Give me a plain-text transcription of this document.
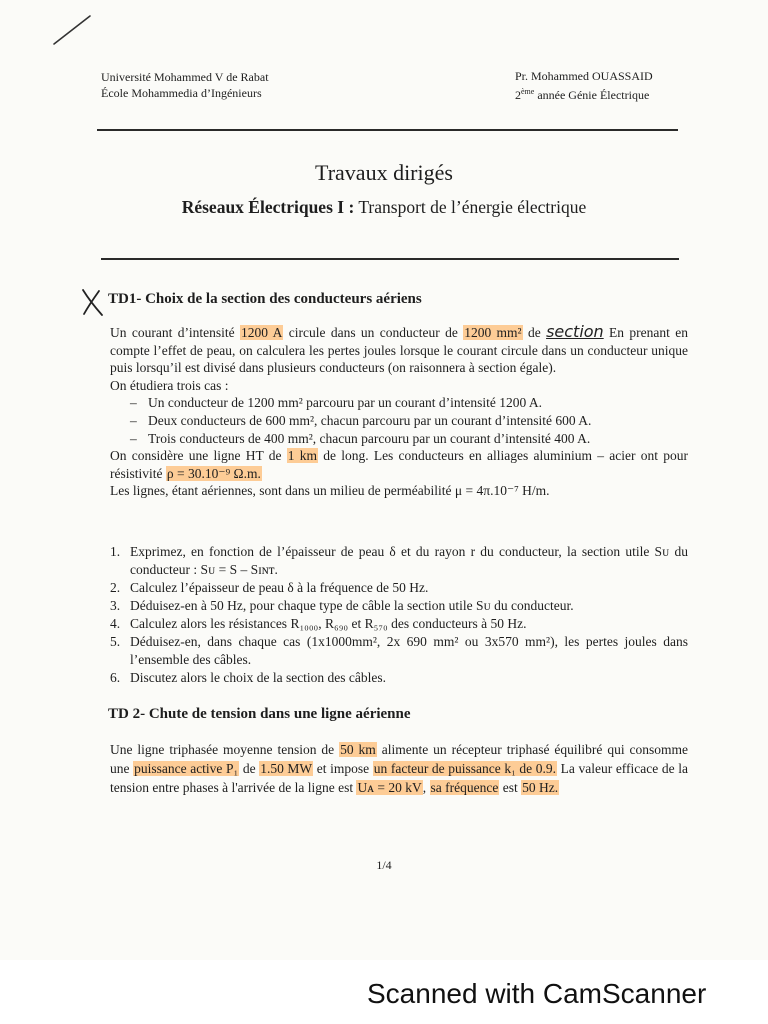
Université Mohammed V de Rabat
École Mohammedia d’Ingénieurs
Pr. Mohammed OUASSAID
2ème année Génie Électrique
Travaux dirigés
Réseaux Électriques I : Transport de l’énergie électrique
TD1- Choix de la section des conducteurs aériens

Un courant d’intensité 1200 A circule dans un conducteur de 1200 mm² de section En prenant en compte l’effet de peau, on calculera les pertes joules lorsque le courant circule dans un conducteur unique puis lorsqu’il est divisé dans plusieurs conducteurs (on raisonnera à section égale).

On étudiera trois cas :

– Un conducteur de 1200 mm² parcouru par un courant d’intensité 1200 A.
– Deux conducteurs de 600 mm², chacun parcouru par un courant d’intensité 600 A.
– Trois conducteurs de 400 mm², chacun parcouru par un courant d’intensité 400 A.

On considère une ligne HT de 1 km de long. Les conducteurs en alliages aluminium – acier ont pour résistivité ρ = 30.10⁻⁹ Ω.m.

Les lignes, étant aériennes, sont dans un milieu de perméabilité μ = 4π.10⁻⁷ H/m.

1. Exprimez, en fonction de l’épaisseur de peau δ et du rayon r du conducteur, la section utile Sᴜ du conducteur : Sᴜ = S – Sɪɴᴛ.
2. Calculez l’épaisseur de peau δ à la fréquence de 50 Hz.
3. Déduisez-en à 50 Hz, pour chaque type de câble la section utile Sᴜ du conducteur.
4. Calculez alors les résistances R₁₀₀₀, R₆₉₀ et R₅₇₀ des conducteurs à 50 Hz.
5. Déduisez-en, dans chaque cas (1x1000mm², 2x 690 mm² ou 3x570 mm²), les pertes joules dans l’ensemble des câbles.
6. Discutez alors le choix de la section des câbles.
TD 2- Chute de tension dans une ligne aérienne

Une ligne triphasée moyenne tension de 50 km alimente un récepteur triphasé équilibré qui consomme une puissance active P₁ de 1.50 MW et impose un facteur de puissance k₁ de 0.9. La valeur efficace de la tension entre phases à l'arrivée de la ligne est Uᴀ = 20 kV, sa fréquence est 50 Hz.

1/4
Scanned with CamScanner
